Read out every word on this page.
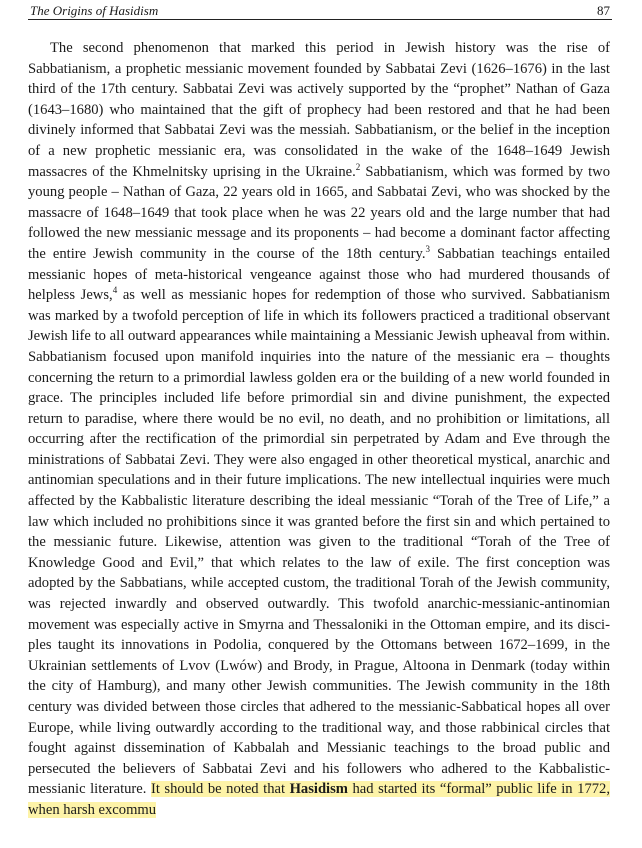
The Origins of Hasidism	87

The second phenomenon that marked this period in Jewish history was the rise of Sabbatianism, a prophetic messianic movement founded by Sabbatai Zevi (1626–1676) in the last third of the 17th century. Sabbatai Zevi was actively supported by the “prophet” Nathan of Gaza (1643–1680) who maintained that the gift of prophecy had been restored and that he had been divinely informed that Sabbatai Zevi was the messiah. Sabbatianism, or the belief in the inception of a new prophetic messianic era, was consolidated in the wake of the 1648–1649 Jewish massacres of the Khmelnitsky uprising in the Ukraine.$^2$ Sabbatianism, which was formed by two young people – Nathan of Gaza, 22 years old in 1665, and Sabbatai Zevi, who was shocked by the massacre of 1648–1649 that took place when he was 22 years old and the large number that had followed the new messianic message and its proponents – had become a dominant factor affecting the entire Jewish community in the course of the 18th century.$^3$ Sabbatian teachings entailed messianic hopes of meta-historical vengeance against those who had murdered thousands of helpless Jews,$^4$ as well as messianic hopes for redemption of those who survived. Sabbatianism was marked by a twofold perception of life in which its followers practiced a traditional observant Jewish life to all outward appearances while maintaining a Messianic Jewish upheaval from within. Sabbatianism focused upon manifold inquiries into the nature of the messianic era – thoughts concerning the return to a primordial lawless golden era or the building of a new world founded in grace. The principles included life before primordial sin and divine punishment, the expected return to paradise, where there would be no evil, no death, and no prohibition or limitations, all occurring after the rectification of the primordial sin perpetrated by Adam and Eve through the ministrations of Sabbatai Zevi. They were also engaged in other theoretical mystical, anarchic and antinomian speculations and in their future implications. The new intellectual inquiries were much affected by the Kabbalistic literature describing the ideal messianic “Torah of the Tree of Life,” a law which included no prohibitions since it was granted before the first sin and which pertained to the messianic future. Likewise, attention was given to the traditional “Torah of the Tree of Knowledge Good and Evil,” that which relates to the law of exile. The first conception was adopted by the Sabbatians, while accepted custom, the traditional Torah of the Jewish community, was rejected inwardly and observed outwardly. This twofold anarchic-messianic-antinomian movement was especially active in Smyrna and Thessaloniki in the Ottoman empire, and its disciples taught its innovations in Podolia, conquered by the Ottomans between 1672–1699, in the Ukrainian settlements of Lvov (Lwów) and Brody, in Prague, Altoona in Denmark (today within the city of Hamburg), and many other Jewish communities. The Jewish community in the 18th century was divided between those circles that adhered to the messianic-Sabbatical hopes all over Europe, while living outwardly according to the traditional way, and those rabbinical circles that fought against dissemination of Kabbalah and Messianic teachings to the broad public and persecuted the believers of Sabbatai Zevi and his followers who adhered to the Kabbalistic-messianic literature. It should be noted that Hasidism had started its “formal” public life in 1772, when harsh excommu
